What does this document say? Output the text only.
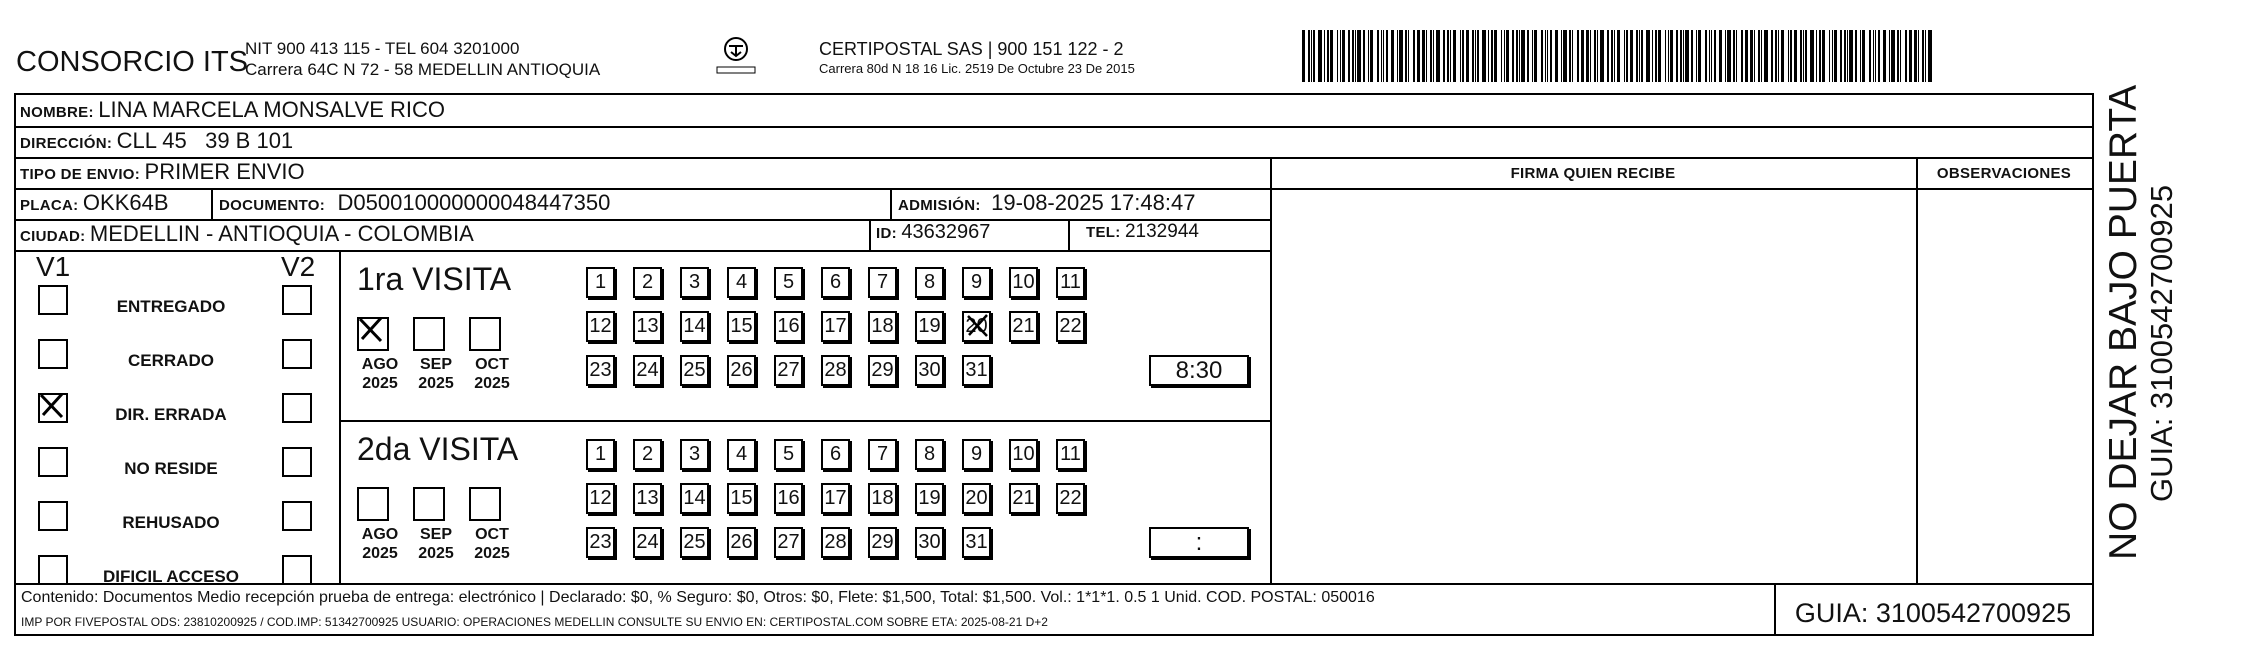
CONSORCIO ITS
NIT 900 413 115 - TEL 604 3201000
Carrera 64C N 72 - 58 MEDELLIN ANTIOQUIA
CERTIPOSTAL SAS | 900 151 122 - 2
Carrera 80d N 18 16 Lic. 2519 De Octubre 23 De 2015
NOMBRE: LINA MARCELA MONSALVE RICO
DIRECCIÓN: CLL 45   39 B 101
TIPO DE ENVIO: PRIMER ENVIO	FIRMA QUIEN RECIBE	OBSERVACIONES
PLACA: OKK64B	DOCUMENTO: D050010000000048447350	ADMISIÓN: 19-08-2025 17:48:47
CIUDAD: MEDELLIN - ANTIOQUIA - COLOMBIA	ID: 43632967	TEL: 2132944
V1	V2
ENTREGADO
CERRADO
DIR. ERRADA
NO RESIDE
REHUSADO
DIFICIL ACCESO
1ra VISITA
AGO
2025
SEP
2025
OCT
2025
1	2	3	4	5	6	7	8	9	10 11
12 13 14 15 16 17 18 19 20 21 22
23 24 25 26 27 28 29 30 31	8:30
2da VISITA
AGO
2025
SEP
2025
OCT
2025
1	2	3	4	5	6	7	8	9	10 11
12 13 14 15 16 17 18 19 20 21 22
23 24 25 26 27 28 29 30 31	:
Contenido: Documentos Medio recepción prueba de entrega: electrónico | Declarado: $0, % Seguro: $0, Otros: $0, Flete: $1,500, Total: $1,500. Vol.: 1*1*1. 0.5 1 Unid. COD. POSTAL: 050016
IMP POR FIVEPOSTAL ODS: 23810200925 / COD.IMP: 51342700925 USUARIO: OPERACIONES MEDELLIN CONSULTE SU ENVIO EN: CERTIPOSTAL.COM SOBRE ETA: 2025-08-21 D+2	GUIA: 3100542700925
NO DEJAR BAJO PUERTA GUIA: 3100542700925
